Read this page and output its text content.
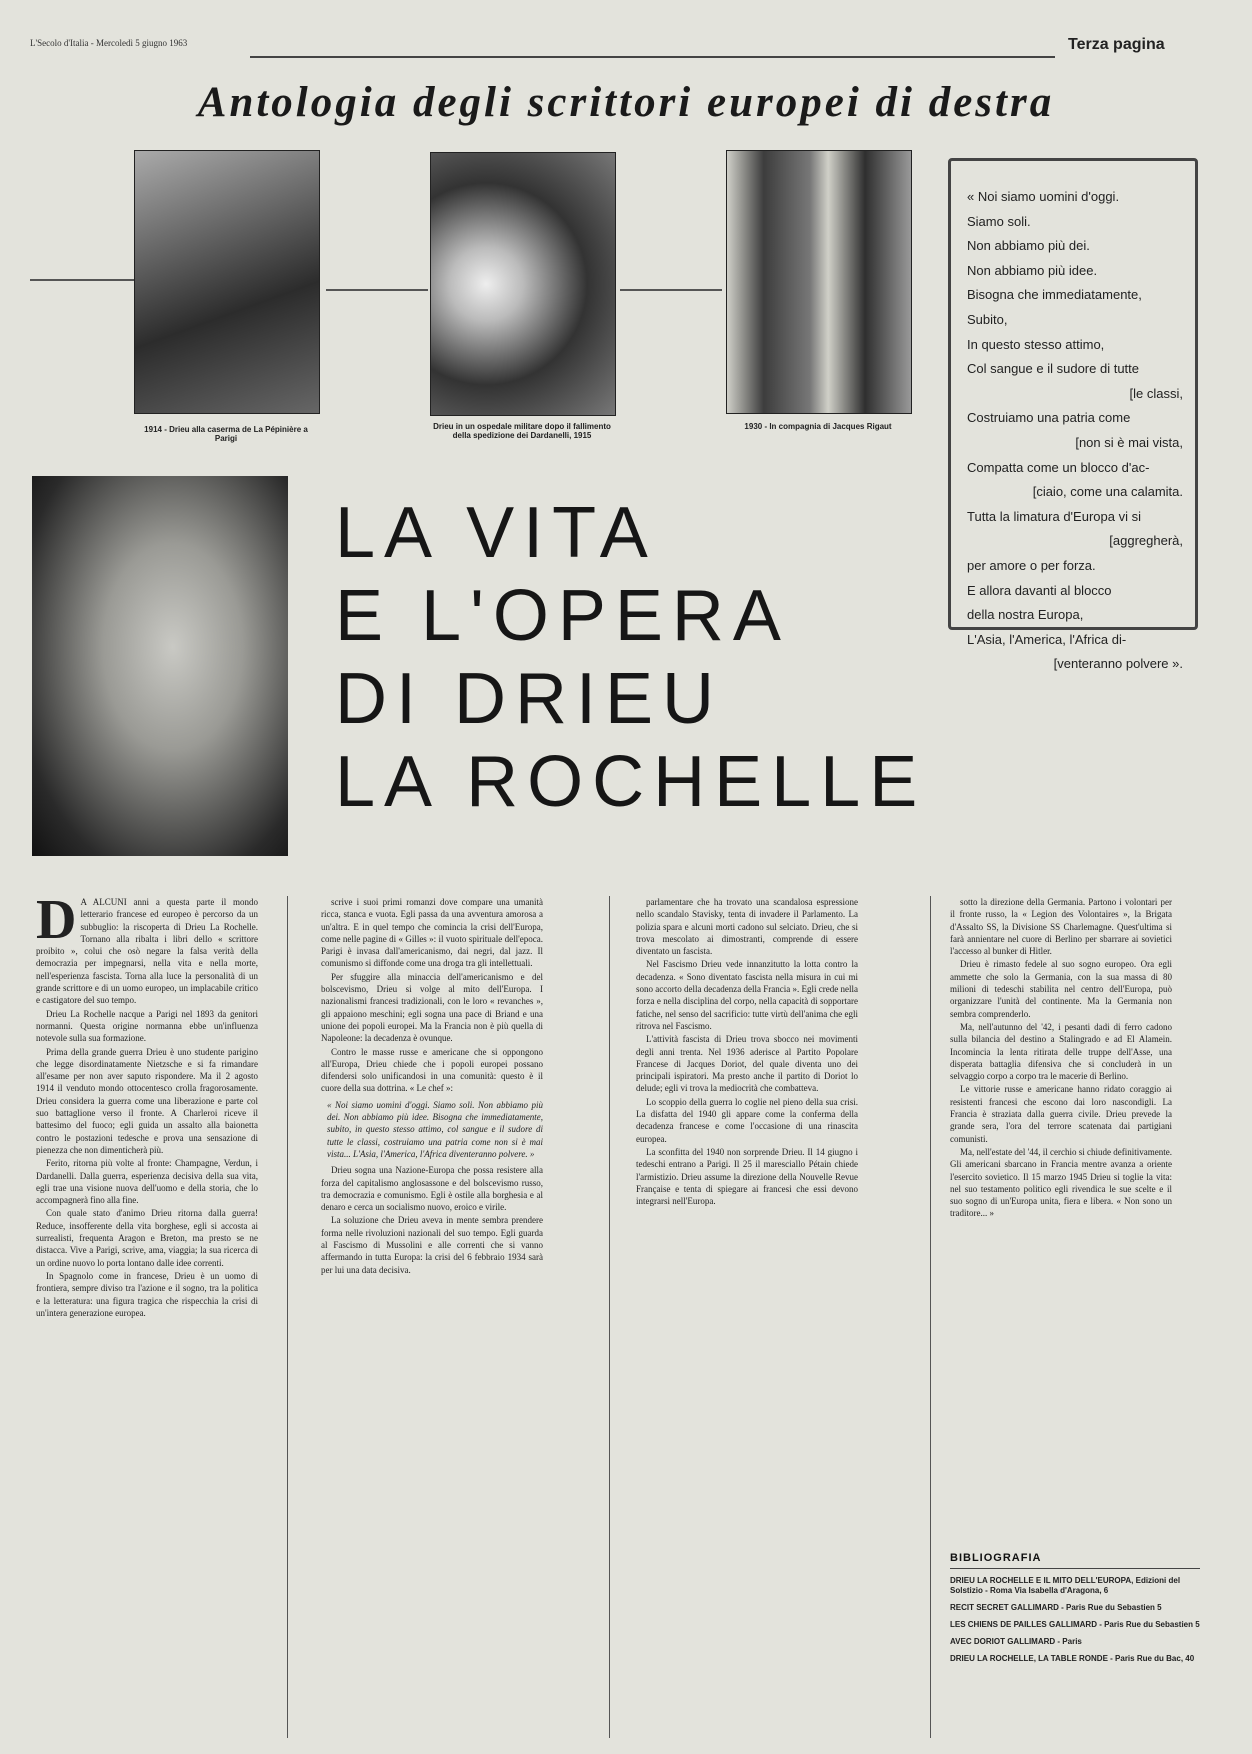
L'Secolo d'Italia - Mercoledì 5 giugno 1963	Terza pagina
Antologia degli scrittori europei di destra
1914 - Drieu alla caserma de La Pépinière a Parigi
Drieu in un ospedale militare dopo il fallimento della spedizione dei Dardanelli, 1915
1930 - In compagnia di Jacques Rigaut
« Noi siamo uomini d'oggi.
Siamo soli.
Non abbiamo più dei.
Non abbiamo più idee.
Bisogna che immediatamente,
Subito,
In questo stesso attimo,
Col sangue e il sudore di tutte
[le classi,
Costruiamo una patria come
[non si è mai vista,
Compatta come un blocco d'ac-
[ciaio, come una calamita.
Tutta la limatura d'Europa vi si
[aggregherà,
per amore o per forza.
E allora davanti al blocco
della nostra Europa,
L'Asia, l'America, l'Africa di-
[venteranno polvere ».
LA VITA
E L'OPERA
DI DRIEU
LA ROCHELLE

D A ALCUNI anni a questa parte il mondo letterario francese ed europeo è percorso da un subbuglio: la riscoperta di Drieu La Rochelle. Tornano alla ribalta i libri dello « scrittore proibito », colui che osò negare la falsa verità della democrazia per impegnarsi, nella vita e nella morte, nell'esperienza fascista. Torna alla luce la personalità di un grande scrittore e di un uomo europeo, un implacabile critico e castigatore del suo tempo.

Drieu La Rochelle nacque a Parigi nel 1893 da genitori normanni. Questa origine normanna ebbe un'influenza notevole sulla sua formazione.

Prima della grande guerra Drieu è uno studente parigino che legge disordinatamente Nietzsche e si fa rimandare all'esame per non aver saputo rispondere. Ma il 2 agosto 1914 il venduto mondo ottocentesco crolla fragorosamente. Drieu considera la guerra come una liberazione e parte col suo battaglione verso il fronte. A Charleroi riceve il battesimo del fuoco; egli guida un assalto alla baionetta contro le postazioni tedesche e prova una sensazione di pienezza che non dimenticherà più.

Ferito, ritorna più volte al fronte: Champagne, Verdun, i Dardanelli. Dalla guerra, esperienza decisiva della sua vita, egli trae una visione nuova dell'uomo e della storia, che lo accompagnerà fino alla fine.

Con quale stato d'animo Drieu ritorna dalla guerra! Reduce, insofferente della vita borghese, egli si accosta ai surrealisti, frequenta Aragon e Breton, ma presto se ne distacca. Vive a Parigi, scrive, ama, viaggia; la sua ricerca di un ordine nuovo lo porta lontano dalle idee correnti.

In Spagnolo come in francese, Drieu è un uomo di frontiera, sempre diviso tra l'azione e il sogno, tra la politica e la letteratura: una figura tragica che rispecchia la crisi di un'intera generazione europea.

scrive i suoi primi romanzi dove compare una umanità ricca, stanca e vuota. Egli passa da una avventura amorosa a un'altra. E in quel tempo che comincia la crisi dell'Europa, come nelle pagine di « Gilles »: il vuoto spirituale dell'epoca. Parigi è invasa dall'americanismo, dai negri, dal jazz. Il comunismo si diffonde come una droga tra gli intellettuali.

Per sfuggire alla minaccia dell'americanismo e del bolscevismo, Drieu si volge al mito dell'Europa. I nazionalismi francesi tradizionali, con le loro « revanches », gli appaiono meschini; egli sogna una pace di Briand e una unione dei popoli europei. Ma la Francia non è più quella di Napoleone: la decadenza è ovunque.

Contro le masse russe e americane che si oppongono all'Europa, Drieu chiede che i popoli europei possano difendersi solo unificandosi in una comunità: questo è il cuore della sua dottrina. « Le chef »:

« Noi siamo uomini d'oggi. Siamo soli. Non abbiamo più dei. Non abbiamo più idee. Bisogna che immediatamente, subito, in questo stesso attimo, col sangue e il sudore di tutte le classi, costruiamo una patria come non si è mai vista... L'Asia, l'America, l'Africa diventeranno polvere. »

Drieu sogna una Nazione-Europa che possa resistere alla forza del capitalismo anglosassone e del bolscevismo russo, tra democrazia e comunismo. Egli è ostile alla borghesia e al denaro e cerca un socialismo nuovo, eroico e virile.

La soluzione che Drieu aveva in mente sembra prendere forma nelle rivoluzioni nazionali del suo tempo. Egli guarda al Fascismo di Mussolini e alle correnti che si vanno affermando in tutta Europa: la crisi del 6 febbraio 1934 sarà per lui una data decisiva.

parlamentare che ha trovato una scandalosa espressione nello scandalo Stavisky, tenta di invadere il Parlamento. La polizia spara e alcuni morti cadono sul selciato. Drieu, che si trova mescolato ai dimostranti, comprende di essere diventato un fascista.

Nel Fascismo Drieu vede innanzitutto la lotta contro la decadenza. « Sono diventato fascista nella misura in cui mi sono accorto della decadenza della Francia ». Egli crede nella forza e nella disciplina del corpo, nella capacità di sopportare fatiche, nel senso del sacrificio: tutte virtù dell'anima che egli ritrova nel Fascismo.

L'attività fascista di Drieu trova sbocco nei movimenti degli anni trenta. Nel 1936 aderisce al Partito Popolare Francese di Jacques Doriot, del quale diventa uno dei principali ispiratori. Ma presto anche il partito di Doriot lo delude; egli vi trova la mediocrità che combatteva.

Lo scoppio della guerra lo coglie nel pieno della sua crisi. La disfatta del 1940 gli appare come la conferma della decadenza francese e come l'occasione di una rinascita europea.

La sconfitta del 1940 non sorprende Drieu. Il 14 giugno i tedeschi entrano a Parigi. Il 25 il maresciallo Pétain chiede l'armistizio. Drieu assume la direzione della Nouvelle Revue Française e tenta di spiegare ai francesi che essi devono integrarsi nell'Europa.

sotto la direzione della Germania. Partono i volontari per il fronte russo, la « Legion des Volontaires », la Brigata d'Assalto SS, la Divisione SS Charlemagne. Quest'ultima si farà annientare nel cuore di Berlino per sbarrare ai sovietici l'accesso al bunker di Hitler.

Drieu è rimasto fedele al suo sogno europeo. Ora egli ammette che solo la Germania, con la sua massa di 80 milioni di tedeschi stabilita nel centro dell'Europa, può organizzare l'unità del continente. Ma la Germania non sembra comprenderlo.

Ma, nell'autunno del '42, i pesanti dadi di ferro cadono sulla bilancia del destino a Stalingrado e ad El Alamein. Incomincia la lenta ritirata delle truppe dell'Asse, una disperata battaglia difensiva che si concluderà in un selvaggio corpo a corpo tra le macerie di Berlino.

Le vittorie russe e americane hanno ridato coraggio ai resistenti francesi che escono dai loro nascondigli. La Francia è straziata dalla guerra civile. Drieu prevede la grande sera, l'ora del terrore scatenata dai partigiani comunisti.

Ma, nell'estate del '44, il cerchio si chiude definitivamente. Gli americani sbarcano in Francia mentre avanza a oriente l'esercito sovietico. Il 15 marzo 1945 Drieu si toglie la vita: nel suo testamento politico egli rivendica le sue scelte e il suo sogno di un'Europa unita, fiera e libera. « Non sono un traditore... »

BIBLIOGRAFIA
DRIEU LA ROCHELLE E IL MITO DELL'EUROPA, Edizioni del Solstizio - Roma Via Isabella d'Aragona, 6
RECIT SECRET GALLIMARD - Paris Rue du Sebastien 5
LES CHIENS DE PAILLES GALLIMARD - Paris Rue du Sebastien 5
AVEC DORIOT GALLIMARD - Paris
DRIEU LA ROCHELLE, LA TABLE RONDE - Paris Rue du Bac, 40
